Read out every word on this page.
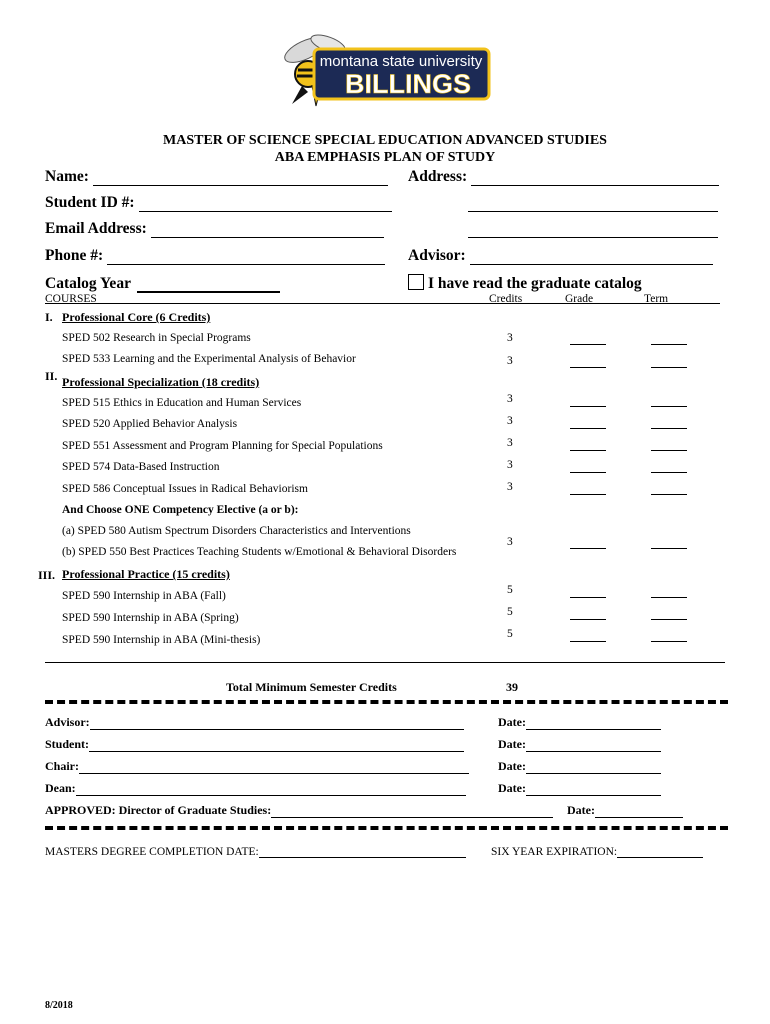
montana state university
BILLINGS
MASTER OF SCIENCE SPECIAL EDUCATION ADVANCED STUDIES
ABA EMPHASIS PLAN OF STUDY
Name:	Address:
Student ID #:
Email Address:
Phone #:	Advisor:
Catalog Year	I have read the graduate catalog
COURSES	Credits	Grade	Term
I. Professional Core (6 Credits)
SPED 502 Research in Special Programs	3
SPED 533 Learning and the Experimental Analysis of Behavior	3
II. Professional Specialization (18 credits)
SPED 515 Ethics in Education and Human Services	3
SPED 520 Applied Behavior Analysis	3
SPED 551 Assessment and Program Planning for Special Populations	3
SPED 574 Data-Based Instruction	3
SPED 586 Conceptual Issues in Radical Behaviorism	3
And Choose ONE Competency Elective (a or b):
(a) SPED 580 Autism Spectrum Disorders Characteristics and Interventions
(b) SPED 550 Best Practices Teaching Students w/Emotional & Behavioral Disorders
3
III. Professional Practice (15 credits)
SPED 590 Internship in ABA (Fall)	5
SPED 590 Internship in ABA (Spring)	5
SPED 590 Internship in ABA (Mini-thesis)	5
Total Minimum Semester Credits	39
Advisor:	Date:
Student:	Date:
Chair:	Date:
Dean:	Date:
APPROVED: Director of Graduate Studies:	Date:
MASTERS DEGREE COMPLETION DATE:	SIX YEAR EXPIRATION:
8/2018
